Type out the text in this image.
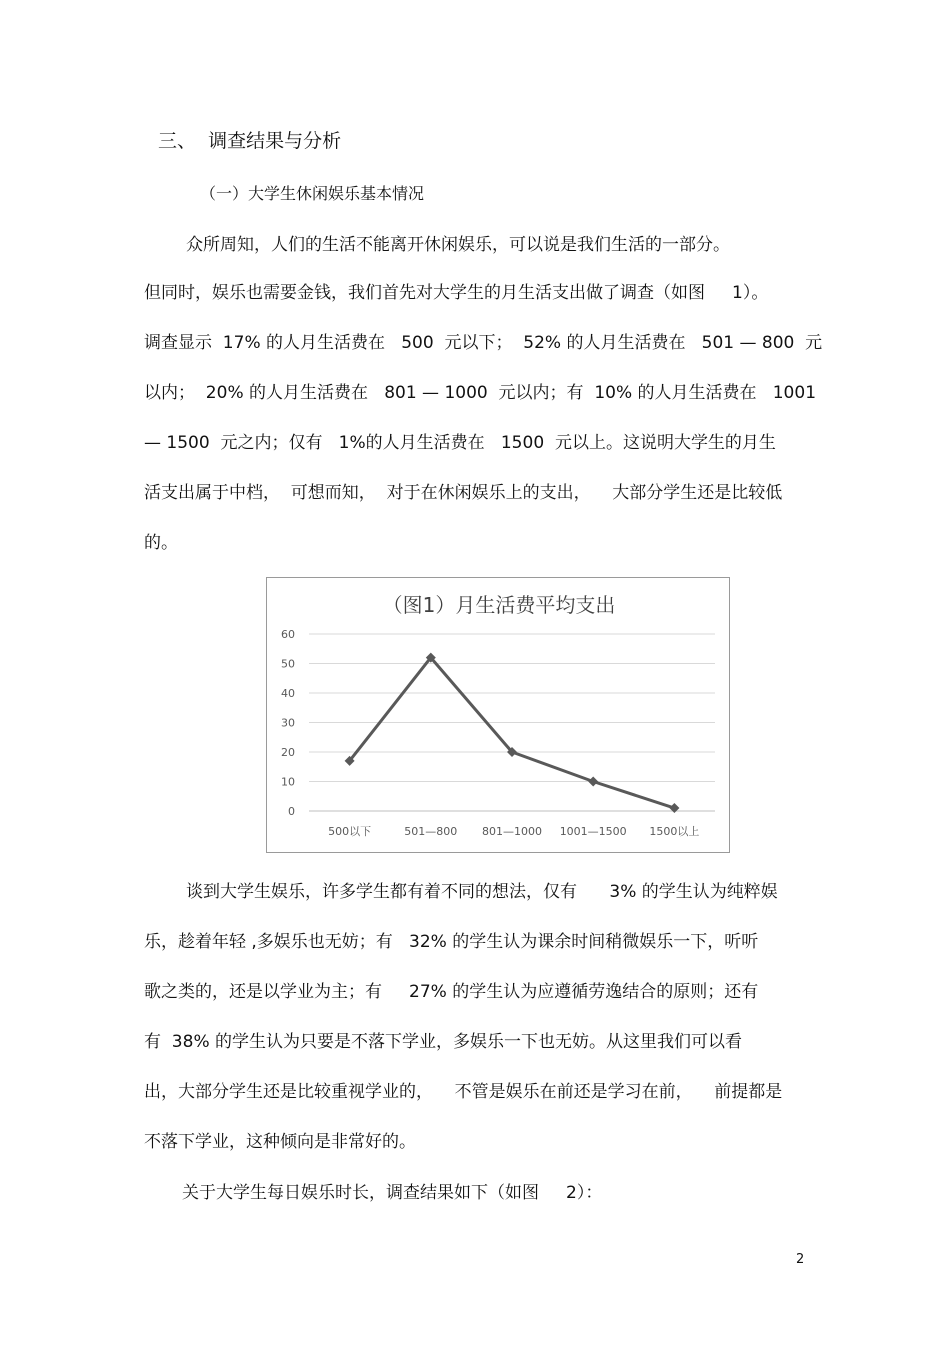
三、  调查结果与分析
（一）大学生休闲娱乐基本情况

众所周知，人们的生活不能离开休闲娱乐，可以说是我们生活的一部分。

但同时，娱乐也需要金钱，我们首先对大学生的月生活支出做了调查（如图     1）。

调查显示  17% 的人月生活费在   500  元以下；  52% 的人月生活费在   501 — 800  元

以内；  20% 的人月生活费在   801 — 1000  元以内；有  10% 的人月生活费在   1001

— 1500  元之内；仅有   1%的人月生活费在   1500  元以上。这说明大学生的月生

活支出属于中档，  可想而知，  对于在休闲娱乐上的支出，    大部分学生还是比较低

的。

（图1）月生活费平均支出
0
10
20
30
40
50
60
500以下	501—800 801—1000 1001—1500 1500以上

谈到大学生娱乐，许多学生都有着不同的想法，仅有      3% 的学生认为纯粹娱

乐，趁着年轻 ,多娱乐也无妨；有   32% 的学生认为课余时间稍微娱乐一下，听听

歌之类的，还是以学业为主；有     27% 的学生认为应遵循劳逸结合的原则；还有

有  38% 的学生认为只要是不落下学业，多娱乐一下也无妨。从这里我们可以看

出，大部分学生还是比较重视学业的，    不管是娱乐在前还是学习在前，    前提都是

不落下学业，这种倾向是非常好的。

关于大学生每日娱乐时长，调查结果如下（如图     2）：

2
